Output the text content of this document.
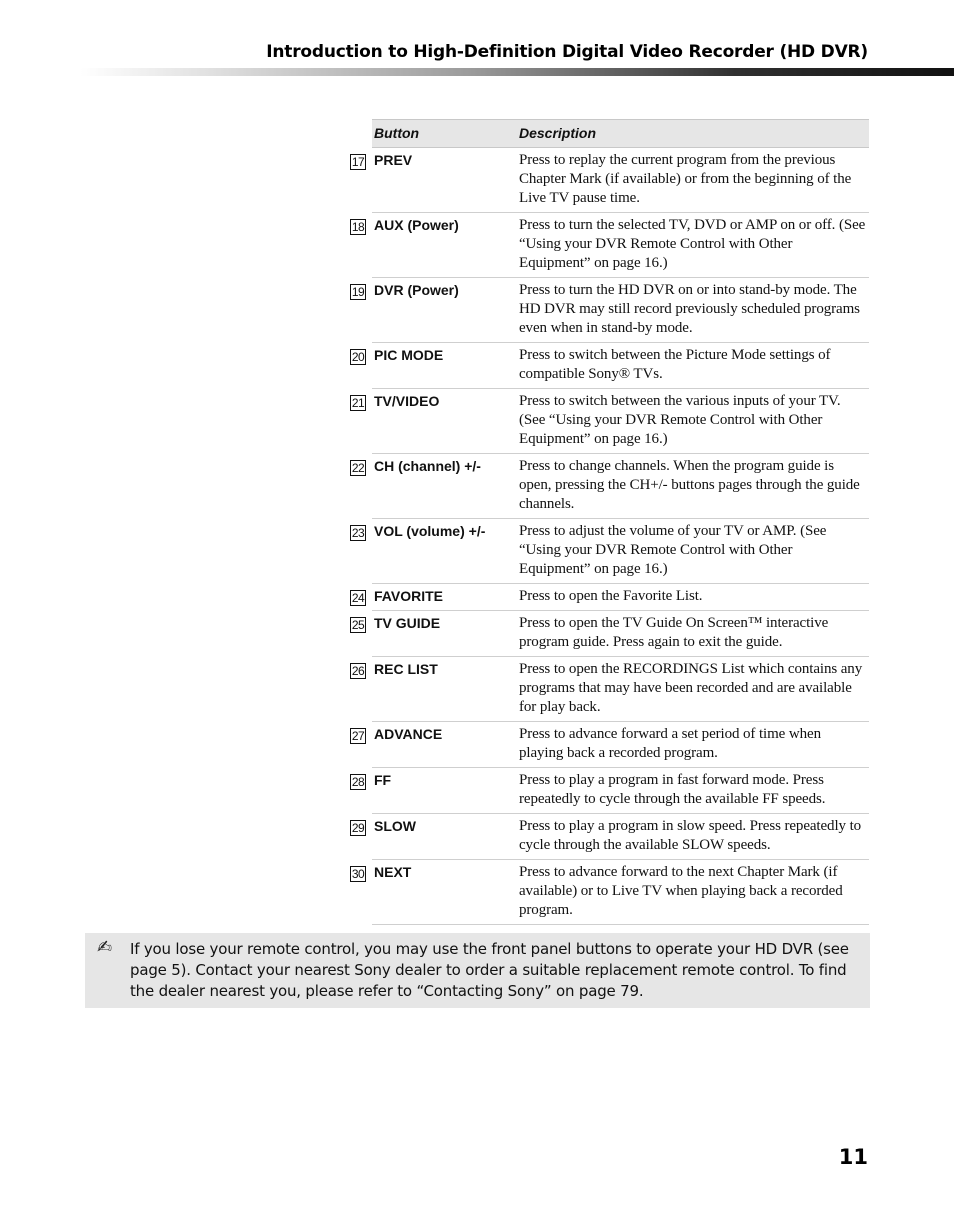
Introduction to High-Definition Digital Video Recorder (HD DVR)
	Button	Description
17	PREV	Press to replay the current program from the previous Chapter Mark (if available) or from the beginning of the Live TV pause time.

18	AUX (Power)	Press to turn the selected TV, DVD or AMP on or off. (See “Using your DVR Remote Control with Other Equipment” on page 16.)

19	DVR (Power)	Press to turn the HD DVR on or into stand-by mode. The HD DVR may still record previously scheduled programs even when in stand-by mode.

20	PIC MODE	Press to switch between the Picture Mode settings of compatible Sony® TVs.

21	TV/VIDEO	Press to switch between the various inputs of your TV. (See “Using your DVR Remote Control with Other Equipment” on page 16.)

22	CH (channel) +/-	Press to change channels. When the program guide is open, pressing the CH+/- buttons pages through the guide channels.

23	VOL (volume) +/-	Press to adjust the volume of your TV or AMP. (See “Using your DVR Remote Control with Other Equipment” on page 16.)

24	FAVORITE	Press to open the Favorite List.

25	TV GUIDE	Press to open the TV Guide On Screen™ interactive program guide. Press again to exit the guide.

26	REC LIST	Press to open the RECORDINGS List which contains any programs that may have been recorded and are available for play back.

27	ADVANCE	Press to advance forward a set period of time when playing back a recorded program.

28	FF	Press to play a program in fast forward mode. Press repeatedly to cycle through the available FF speeds.

29	SLOW	Press to play a program in slow speed. Press repeatedly to cycle through the available SLOW speeds.

30	NEXT	Press to advance forward to the next Chapter Mark (if available) or to Live TV when playing back a recorded program.
✍ If you lose your remote control, you may use the front panel buttons to operate your HD DVR (see page 5). Contact your nearest Sony dealer to order a suitable replacement remote control. To find the dealer nearest you, please refer to “Contacting Sony” on page 79.
11
